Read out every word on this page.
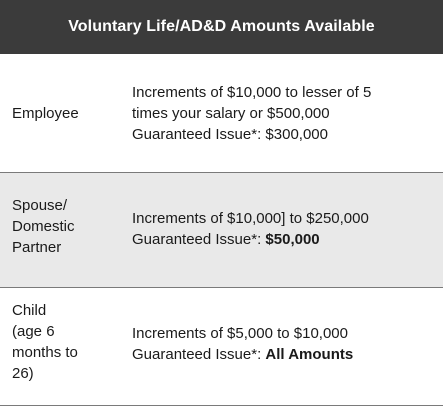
Voluntary Life/AD&D Amounts Available
Employee
Increments of $10,000 to lesser of 5
times your salary or $500,000
Guaranteed Issue*: $300,000
Spouse/
Domestic
Partner
Increments of $10,000] to $250,000
Guaranteed Issue*: $50,000
Child
(age 6
months to
26)
Increments of $5,000 to $10,000
Guaranteed Issue*: All Amounts
